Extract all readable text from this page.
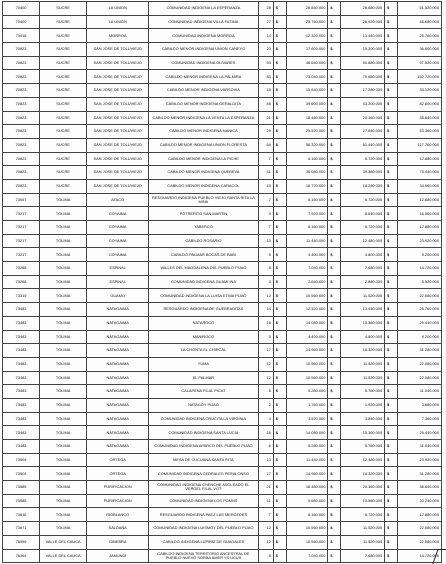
70400	SUCRE	LA UNION	COMUNIDAD INDIGENA LA ESPERANZA	28	$	26.840.000	$	26.680.000	$	51.520.000
70400	SUCRE	LA UNION	COMUNIDAD INDIGENA VILLA FATIMA	27	$	25.760.000	$	26.920.000	$	48.680.000
70418	SUCRE	MORROA	COMUNIDAD INDIGENA MORROA	14	$	12.320.000	$	13.440.000	$	25.760.000
70823	SUCRE	SAN JOSE DE TOLUVIEJO	CABILDO MENOR INDIGENA UNION CANEYO	20	$	17.600.000	$	19.200.000	$	36.800.000
70823	SUCRE	SAN JOSE DE TOLUVIEJO	COMUNIDAD INDIGENA OLIVARES	53	$	46.640.000	$	50.880.000	$	97.520.000
70823	SUCRE	SAN JOSE DE TOLUVIEJO	CABILDO MENOR INDIGENA LA PALMIRA	83	$	73.040.000	$	79.680.000	$	152.720.000
70823	SUCRE	SAN JOSE DE TOLUVIEJO	CABILDO MENOR INDIGENA VARSOVIA	18	$	15.840.000	$	17.280.000	$	33.120.000
70823	SUCRE	SAN JOSE DE TOLUVIEJO	CABILDO MENOR INDIGENA GERALDITA	45	$	39.600.000	$	43.200.000	$	82.800.000
70823	SUCRE	SAN JOSE DE TOLUVIEJO	CABILDO MENOR INDIGENA LA VENTA LA ESPERANZA	21	$	18.480.000	$	20.160.000	$	38.640.000
70823	SUCRE	SAN JOSE DE TOLUVIEJO	CABILDO MENOR INDIGENA MANICA	29	$	25.520.000	$	27.840.000	$	53.360.000
70823	SUCRE	SAN JOSE DE TOLUVIEJO	CABILDO MENOR INDIGENA UNION FLORESTA	64	$	56.320.000	$	61.440.000	$	117.760.000
70823	SUCRE	SAN JOSE DE TOLUVIEJO	CABILDO MENOR INDIGENA LA PICHE	7	$	6.160.000	$	6.720.000	$	12.880.000
70823	SUCRE	SAN JOSE DE TOLUVIEJO	CABILDO MENOR INDIGENA QUEBEVA	41	$	36.080.000	$	39.360.000	$	75.440.000
70823	SUCRE	SAN JOSE DE TOLUVIEJO	CABILDO MENOR INDIGENA CARACOL	19	$	16.720.000	$	18.240.000	$	34.960.000
73067	TOLIMA	ATACO	RESGUARDO INDIGENA PUEBLO VIEJO SANTA RITA LA MINA	7	$	6.160.000	$	6.720.000	$	12.880.000
73217	TOLIMA	COYAIMA	POTRERITO SAN MARTIN	9	$	7.920.000	$	8.640.000	$	16.560.000
73217	TOLIMA	COYAIMA	YABERCO	7	$	6.160.000	$	6.720.000	$	12.880.000
73217	TOLIMA	COYAIMA	CABILDO ROSARIO	13	$	11.440.000	$	12.480.000	$	23.920.000
73217	TOLIMA	COYAIMA	CABILDO PALMAR BOCAS DE BABI	5	$	4.400.000	$	4.800.000	$	9.200.000
73268	TOLIMA	ESPINAL	VALLES DEL MAGDALENA DEL PUEBLO PIJAO	8	$	7.040.000	$	7.680.000	$	14.720.000
73268	TOLIMA	ESPINAL	COMUNIDAD INDIGENA GUAMI INA	3	$	2.640.000	$	2.880.000	$	5.520.000
73319	TOLIMA	GUAMO	COMUNIDAD INDIGENA LA LUISA ETNIA PIJAO	12	$	10.560.000	$	11.520.000	$	22.080.000
73483	TOLIMA	NATAGAIMA	RESGUARDO INDIGENA DE GUEBRADITAS	14	$	12.320.000	$	13.440.000	$	25.760.000
73483	TOLIMA	NATAGAIMA	NATAROCO	16	$	14.080.000	$	15.360.000	$	29.440.000
73483	TOLIMA	NATAGAIMA	MANIROCO	5	$	4.400.000	$	4.800.000	$	9.200.000
73483	TOLIMA	NATAGAIMA	LA CHONTA EL CHIRCAL	17	$	14.960.000	$	16.320.000	$	31.280.000
73483	TOLIMA	NATAGAIMA	YUMA	12	$	10.560.000	$	11.520.000	$	22.080.000
73483	TOLIMA	NATAGAIMA	EL PALMAR	12	$	10.560.000	$	11.520.000	$	22.080.000
73483	TOLIMA	NATAGAIMA	CALAPENA FILAL PICAT	6	$	5.280.000	$	5.760.000	$	11.040.000
73483	TOLIMA	NATAGAIMA	NATAGOY PIJAO	2	$	1.760.000	$	1.920.000	$	3.680.000
73483	TOLIMA	NATAGAIMA	COMUNIDAD INDIGENA CRUCITA LA VIRGINIA	4	$	3.520.000	$	3.840.000	$	7.360.000
73483	TOLIMA	NATAGAIMA	COMUNIDAD INDIGENA SANTA LUCIA	16	$	14.080.000	$	15.360.000	$	29.440.000
73483	TOLIMA	NATAGAIMA	COMUNIDAD INDIGENA APARCO DEL PUEBLO PIJAO	6	$	5.280.000	$	5.760.000	$	11.040.000
73504	TOLIMA	ORTEGA	MESA DE CUCUANA SANTA RITA	13	$	11.440.000	$	12.480.000	$	23.920.000
73504	TOLIMA	ORTEGA	COMUNIDAD INDIGENA CEDRALES PERALONSO	17	$	14.960.000	$	16.320.000	$	31.280.000
73585	TOLIMA	PURIFICACION	COMUNIDAD INDIGENA CHENCHE ASOLEADO EL VERGEL FILAL VOT	21	$	18.480.000	$	20.160.000	$	38.640.000
73585	TOLIMA	PURIFICACION	COMUNIDAD INDIGENA LOS POMNS	11	$	9.680.000	$	10.560.000	$	20.240.000
73616	TOLIMA	RIOBLANCO	RESGUARDO INDIGENA PAEZ LAS MERCEDES	7	$	6.160.000	$	6.720.000	$	12.880.000
73671	TOLIMA	SALDAÑA	COMUNIDAD INDIGENA LUISMOY DEL PUEBLO PIJAO	12	$	10.560.000	$	11.520.000	$	22.080.000
76999	VALLE DEL CAUCA	GINEBRA	CABILDO INDIGENA LUPIRIZ DE GUADALES	12	$	10.560.000	$	11.520.000	$	22.080.000
76364	VALLE DEL CAUCA	JAMUNDI	CABILDO INDIGENA TERRITORIO ANCESTRAL DE PUEBLO NUEVO SORBA AMER YS UCUX	8	$	7.040.000	$	7.680.000	$	14.720.000
